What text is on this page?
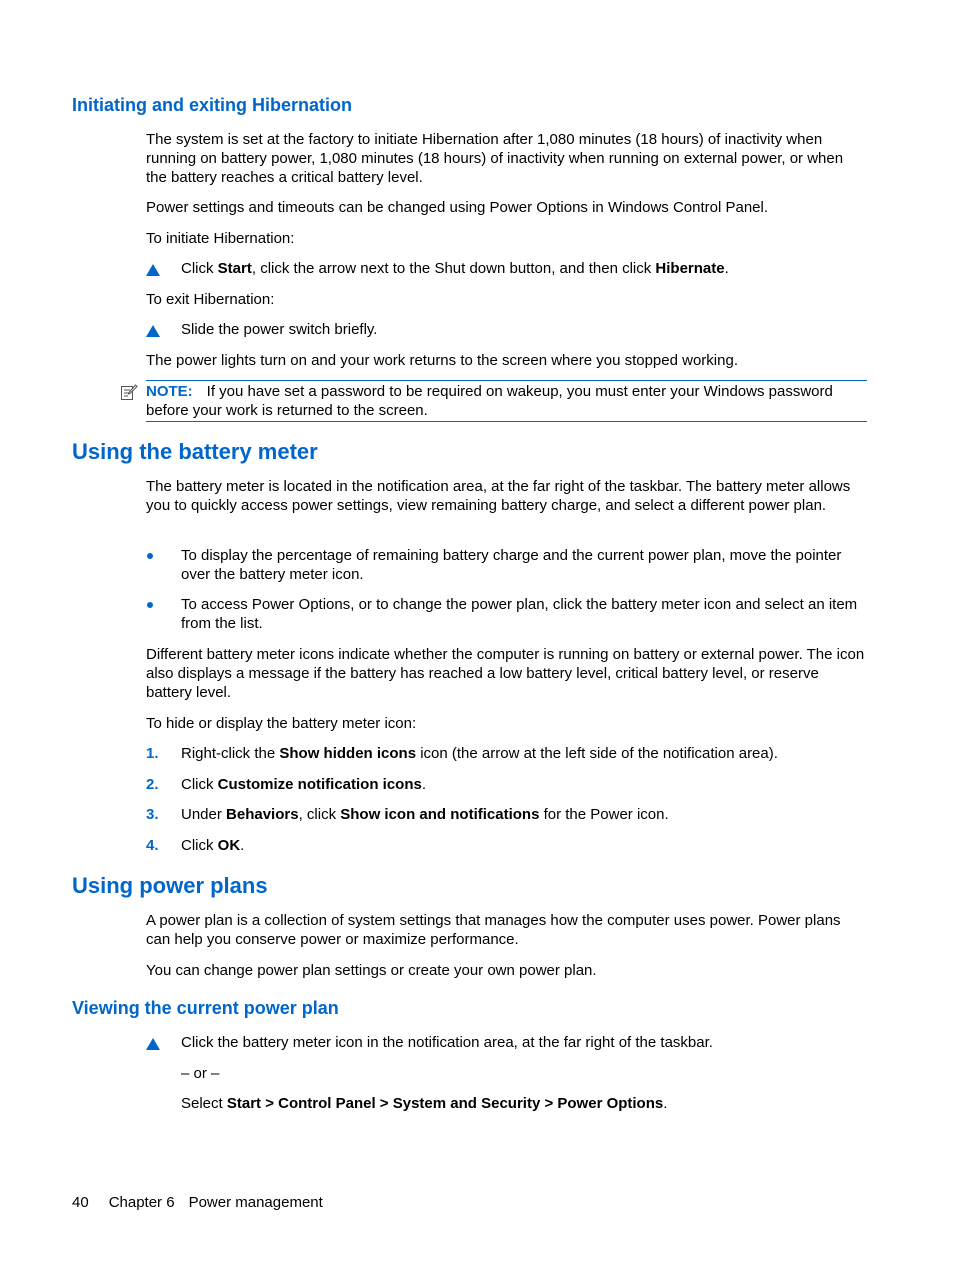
Initiating and exiting Hibernation
The system is set at the factory to initiate Hibernation after 1,080 minutes (18 hours) of inactivity when running on battery power, 1,080 minutes (18 hours) of inactivity when running on external power, or when the battery reaches a critical battery level.
Power settings and timeouts can be changed using Power Options in Windows Control Panel.
To initiate Hibernation:
Click Start, click the arrow next to the Shut down button, and then click Hibernate.
To exit Hibernation:
Slide the power switch briefly.
The power lights turn on and your work returns to the screen where you stopped working.
NOTE: If you have set a password to be required on wakeup, you must enter your Windows password before your work is returned to the screen.
Using the battery meter
The battery meter is located in the notification area, at the far right of the taskbar. The battery meter allows you to quickly access power settings, view remaining battery charge, and select a different power plan.
To display the percentage of remaining battery charge and the current power plan, move the pointer over the battery meter icon.
To access Power Options, or to change the power plan, click the battery meter icon and select an item from the list.
Different battery meter icons indicate whether the computer is running on battery or external power. The icon also displays a message if the battery has reached a low battery level, critical battery level, or reserve battery level.
To hide or display the battery meter icon:
1. Right-click the Show hidden icons icon (the arrow at the left side of the notification area).
2. Click Customize notification icons.
3. Under Behaviors, click Show icon and notifications for the Power icon.
4. Click OK.
Using power plans
A power plan is a collection of system settings that manages how the computer uses power. Power plans can help you conserve power or maximize performance.
You can change power plan settings or create your own power plan.
Viewing the current power plan
Click the battery meter icon in the notification area, at the far right of the taskbar.
– or –
Select Start > Control Panel > System and Security > Power Options.
40 Chapter 6 Power management
